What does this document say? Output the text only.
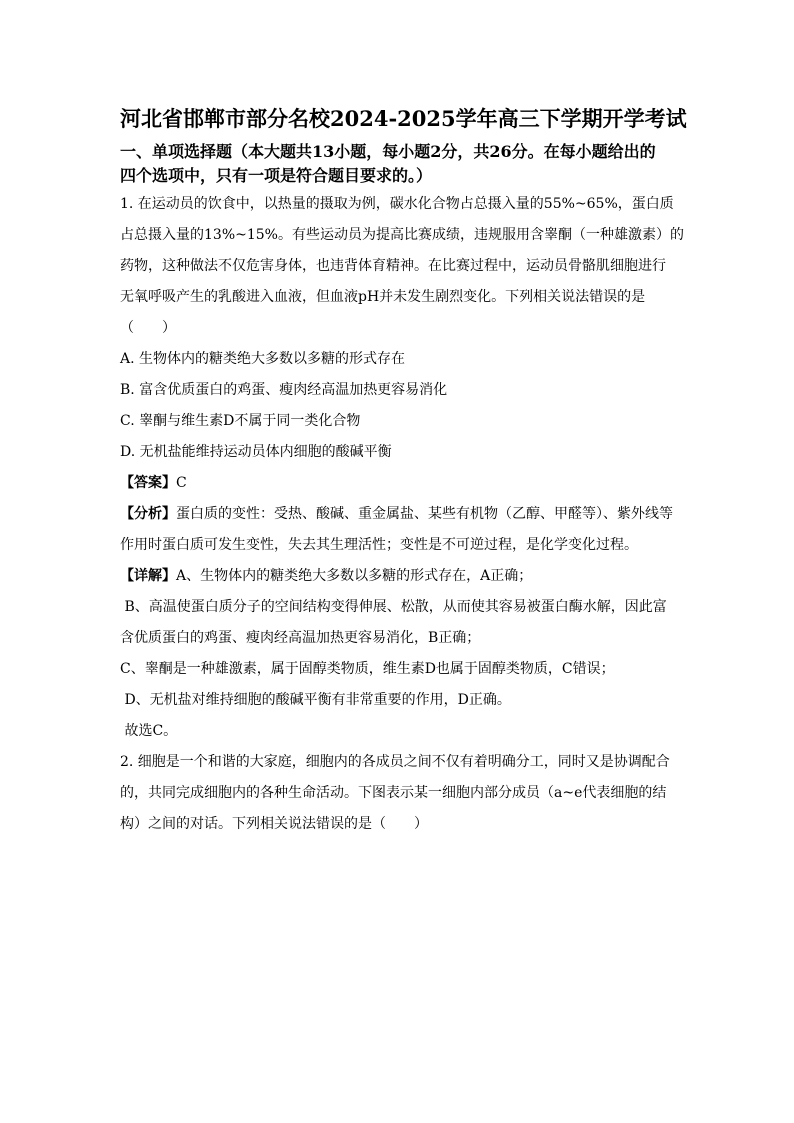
河北省邯郸市部分名校2024-2025学年高三下学期开学考试
一、单项选择题（本大题共13小题，每小题2分，共26分。在每小题给出的
四个选项中，只有一项是符合题目要求的。）
1. 在运动员的饮食中，以热量的摄取为例，碳水化合物占总摄入量的55%~65%，蛋白质
占总摄入量的13%~15%。有些运动员为提高比赛成绩，违规服用含睾酮（一种雄激素）的
药物，这种做法不仅危害身体，也违背体育精神。在比赛过程中，运动员骨骼肌细胞进行
无氧呼吸产生的乳酸进入血液，但血液pH并未发生剧烈变化。下列相关说法错误的是
（　　）
A. 生物体内的糖类绝大多数以多糖的形式存在
B. 富含优质蛋白的鸡蛋、瘦肉经高温加热更容易消化
C. 睾酮与维生素D不属于同一类化合物
D. 无机盐能维持运动员体内细胞的酸碱平衡
【答案】C
【分析】蛋白质的变性：受热、酸碱、重金属盐、某些有机物（乙醇、甲醛等）、紫外线等
作用时蛋白质可发生变性，失去其生理活性；变性是不可逆过程，是化学变化过程。
【详解】A、生物体内的糖类绝大多数以多糖的形式存在，A正确；
B、高温使蛋白质分子的空间结构变得伸展、松散，从而使其容易被蛋白酶水解，因此富
含优质蛋白的鸡蛋、瘦肉经高温加热更容易消化，B正确；
C、睾酮是一种雄激素，属于固醇类物质，维生素D也属于固醇类物质，C错误；
D、无机盐对维持细胞的酸碱平衡有非常重要的作用，D正确。
故选C。
2. 细胞是一个和谐的大家庭，细胞内的各成员之间不仅有着明确分工，同时又是协调配合
的，共同完成细胞内的各种生命活动。下图表示某一细胞内部分成员（a~e代表细胞的结
构）之间的对话。下列相关说法错误的是（　　）
